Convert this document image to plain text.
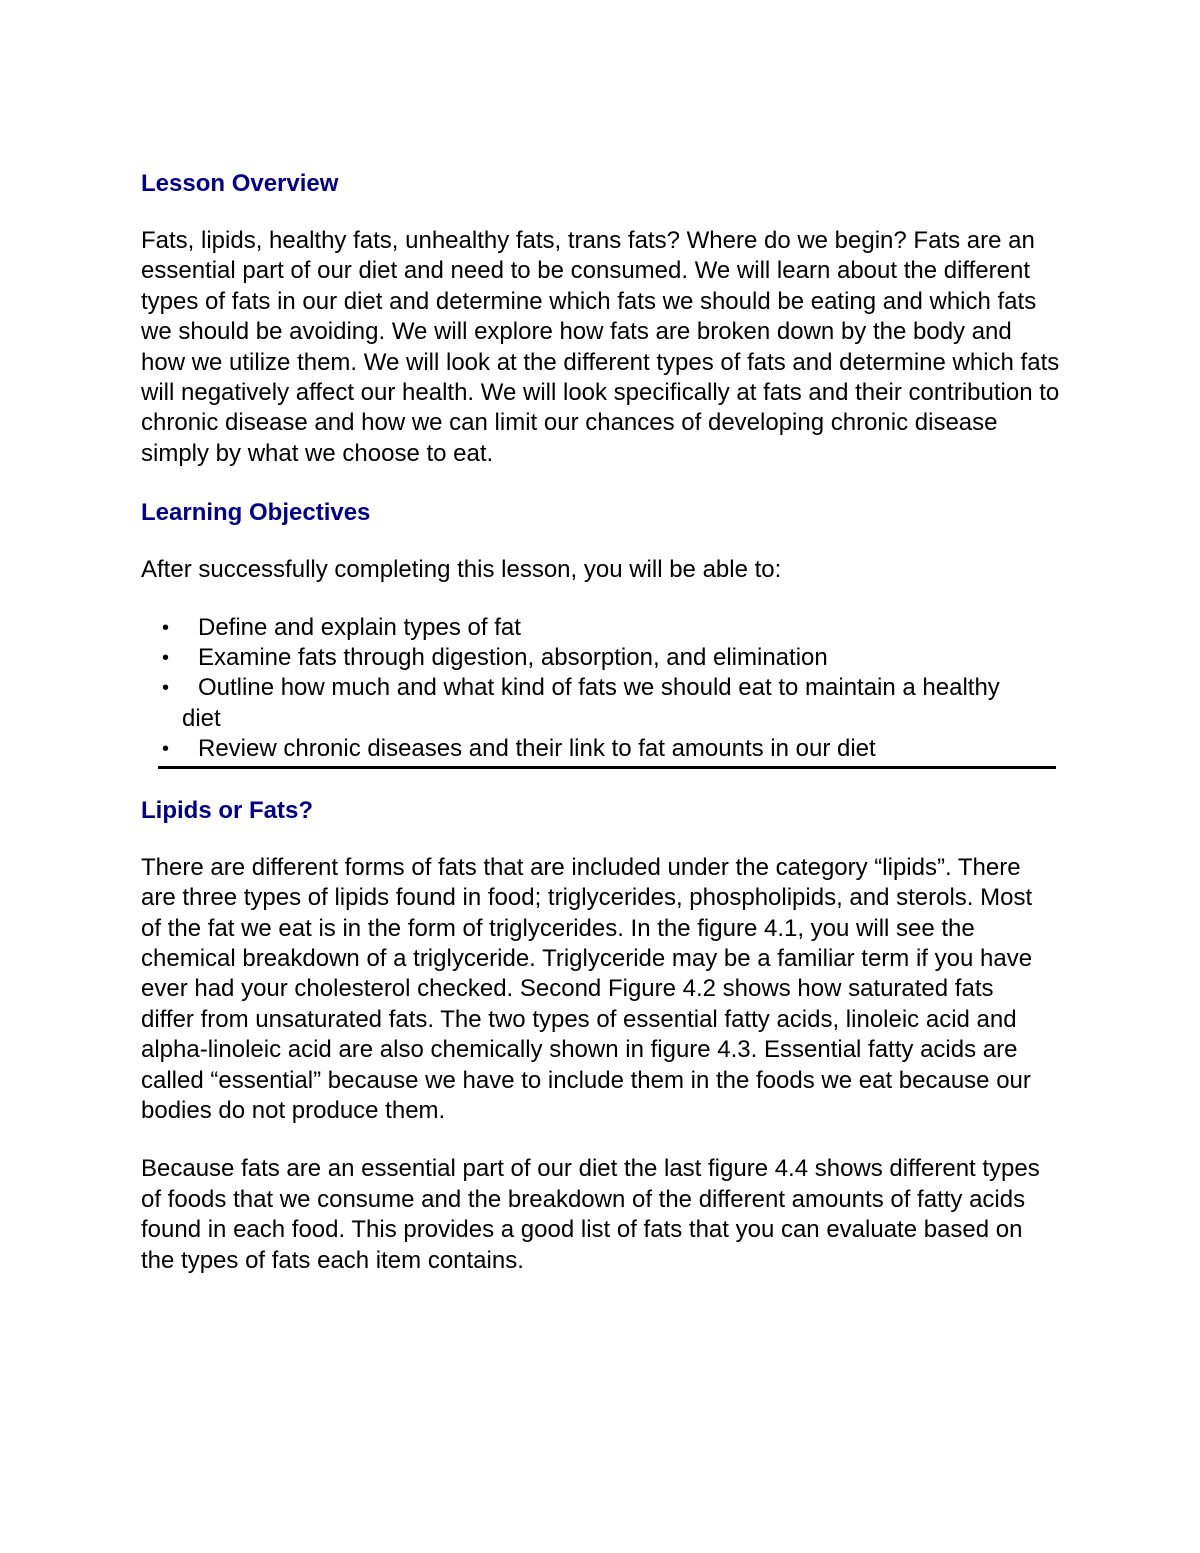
Lesson Overview

Fats, lipids, healthy fats, unhealthy fats, trans fats? Where do we begin? Fats are an essential part of our diet and need to be consumed. We will learn about the different types of fats in our diet and determine which fats we should be eating and which fats we should be avoiding. We will explore how fats are broken down by the body and how we utilize them. We will look at the different types of fats and determine which fats will negatively affect our health. We will look specifically at fats and their contribution to chronic disease and how we can limit our chances of developing chronic disease simply by what we choose to eat.

Learning Objectives

After successfully completing this lesson, you will be able to:

• Define and explain types of fat
• Examine fats through digestion, absorption, and elimination
•	Outline how much and what kind of fats we should eat to maintain a healthy diet
• Review chronic diseases and their link to fat amounts in our diet
Lipids or Fats?

There are different forms of fats that are included under the category “lipids”. There are three types of lipids found in food; triglycerides, phospholipids, and sterols. Most of the fat we eat is in the form of triglycerides. In the figure 4.1, you will see the chemical breakdown of a triglyceride. Triglyceride may be a familiar term if you have ever had your cholesterol checked. Second Figure 4.2 shows how saturated fats differ from unsaturated fats. The two types of essential fatty acids, linoleic acid and alpha-linoleic acid are also chemically shown in figure 4.3. Essential fatty acids are called “essential” because we have to include them in the foods we eat because our bodies do not produce them.

Because fats are an essential part of our diet the last figure 4.4 shows different types of foods that we consume and the breakdown of the different amounts of fatty acids found in each food. This provides a good list of fats that you can evaluate based on the types of fats each item contains.
